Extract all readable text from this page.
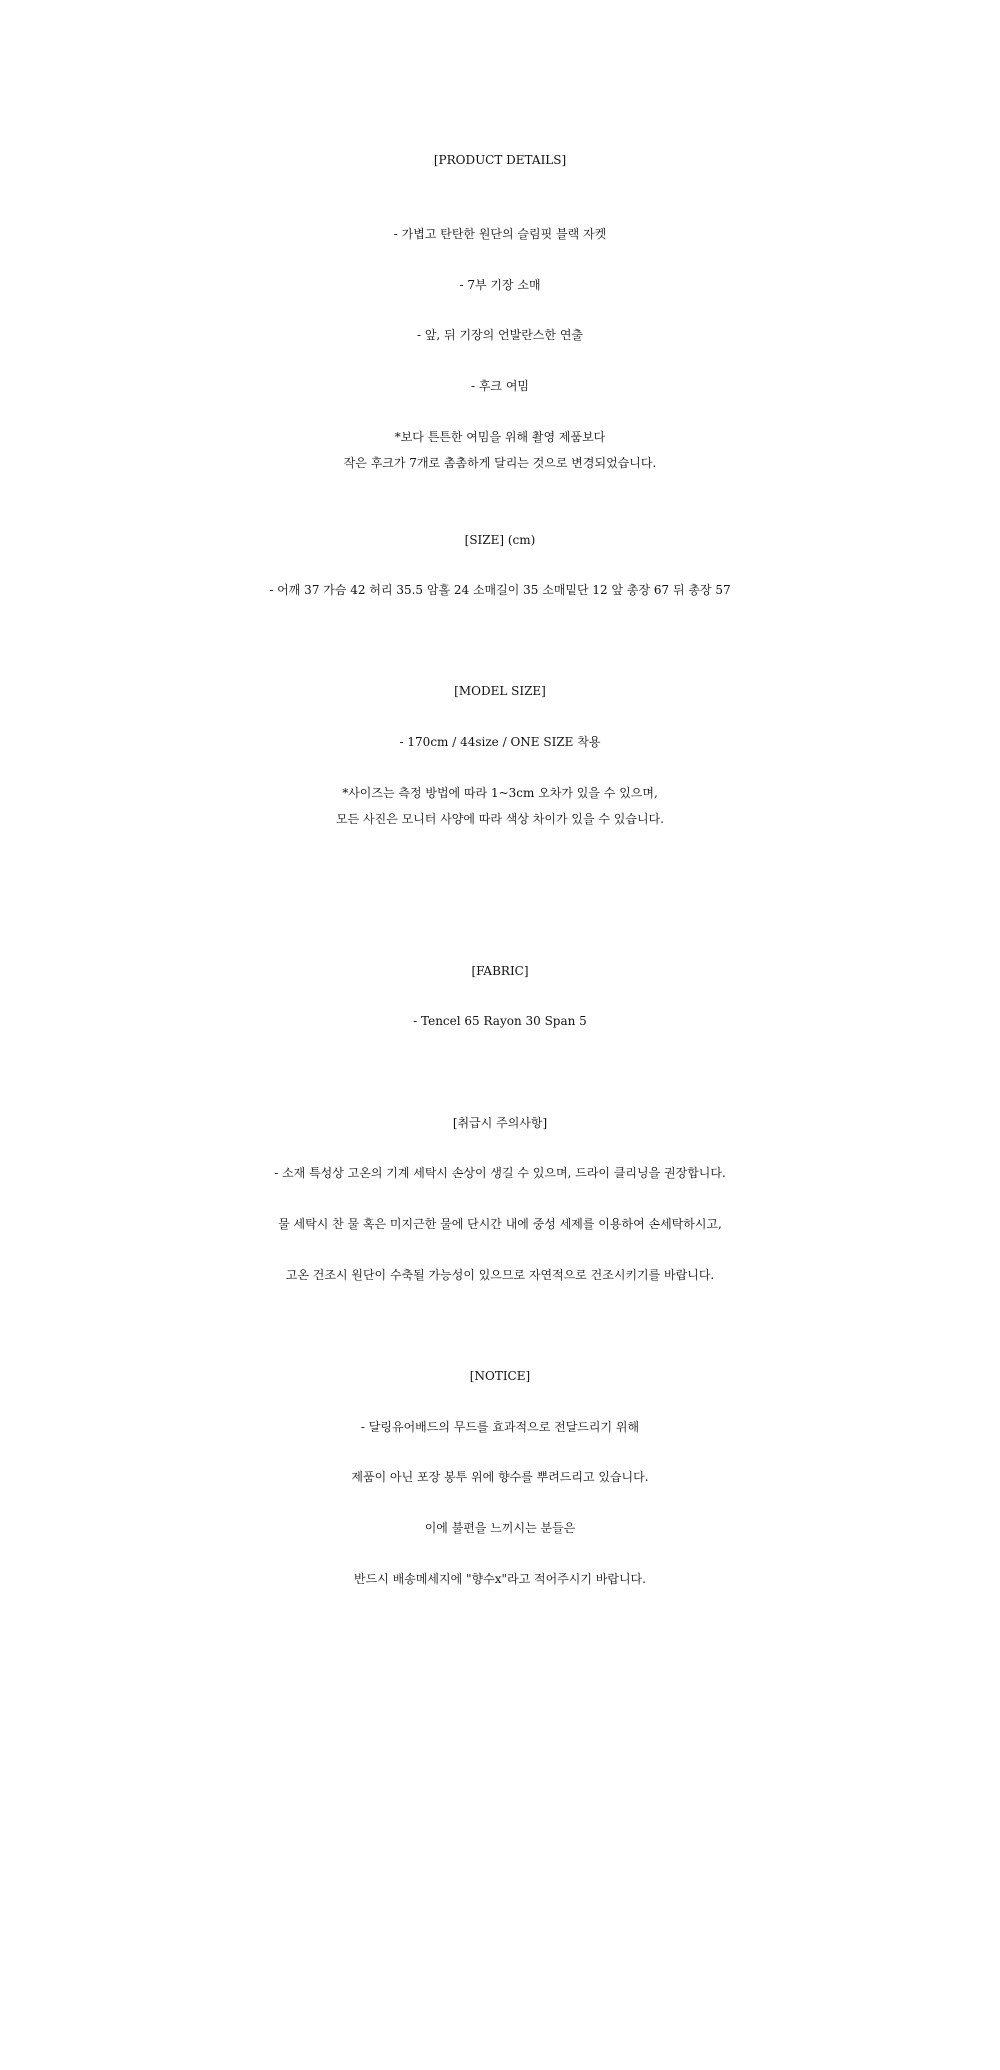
[PRODUCT DETAILS]
- 가볍고 탄탄한 원단의 슬림핏 블랙 자켓
- 7부 기장 소매
- 앞, 뒤 기장의 언발란스한 연출
- 후크 여밈
*보다 튼튼한 여밈을 위해 촬영 제품보다
작은 후크가 7개로 촘촘하게 달리는 것으로 변경되었습니다.
[SIZE] (cm)
- 어깨 37 가슴 42 허리 35.5 암홀 24 소매길이 35 소매밑단 12 앞 총장 67 뒤 총장 57
[MODEL SIZE]
- 170cm / 44size / ONE SIZE 착용
*사이즈는 측정 방법에 따라 1~3cm 오차가 있을 수 있으며,
모든 사진은 모니터 사양에 따라 색상 차이가 있을 수 있습니다.
[FABRIC]
- Tencel 65 Rayon 30 Span 5
[취급시 주의사항]
- 소재 특성상 고온의 기계 세탁시 손상이 생길 수 있으며, 드라이 클리닝을 권장합니다.
물 세탁시 찬 물 혹은 미지근한 물에 단시간 내에 중성 세제를 이용하여 손세탁하시고,
고온 건조시 원단이 수축될 가능성이 있으므로 자연적으로 건조시키기를 바랍니다.
[NOTICE]
- 달링유어배드의 무드를 효과적으로 전달드리기 위해
제품이 아닌 포장 봉투 위에 향수를 뿌려드리고 있습니다.
이에 불편을 느끼시는 분들은
반드시 배송메세지에 "향수x"라고 적어주시기 바랍니다.
